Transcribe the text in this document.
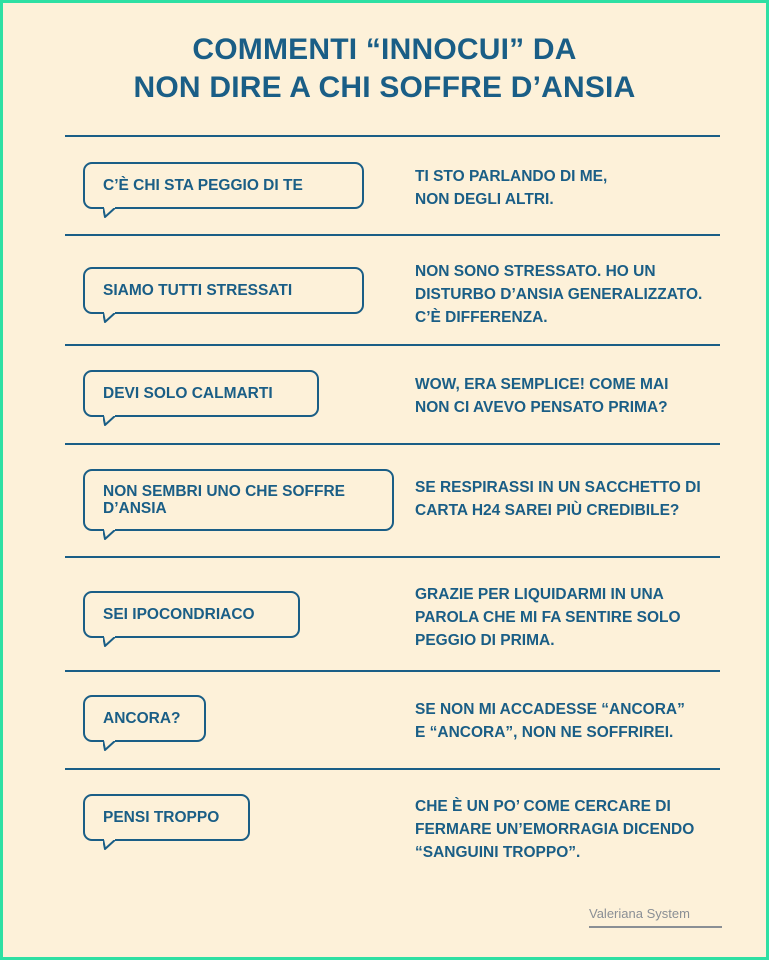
COMMENTI “INNOCUI” DA
NON DIRE A CHI SOFFRE D’ANSIA
C’È CHI STA PEGGIO DI TE
TI STO PARLANDO DI ME,
NON DEGLI ALTRI.
SIAMO TUTTI STRESSATI
NON SONO STRESSATO. HO UN
DISTURBO D’ANSIA GENERALIZZATO.
C’È DIFFERENZA.
DEVI SOLO CALMARTI
WOW, ERA SEMPLICE! COME MAI
NON CI AVEVO PENSATO PRIMA?
NON SEMBRI UNO CHE SOFFRE D’ANSIA
SE RESPIRASSI IN UN SACCHETTO DI
CARTA H24 SAREI PIÙ CREDIBILE?
SEI IPOCONDRIACO
GRAZIE PER LIQUIDARMI IN UNA
PAROLA CHE MI FA SENTIRE SOLO
PEGGIO DI PRIMA.
ANCORA?
SE NON MI ACCADESSE “ANCORA”
E “ANCORA”, NON NE SOFFRIREI.
PENSI TROPPO
CHE È UN PO’ COME CERCARE DI
FERMARE UN’EMORRAGIA DICENDO
“SANGUINI TROPPO”.
Valeriana System
